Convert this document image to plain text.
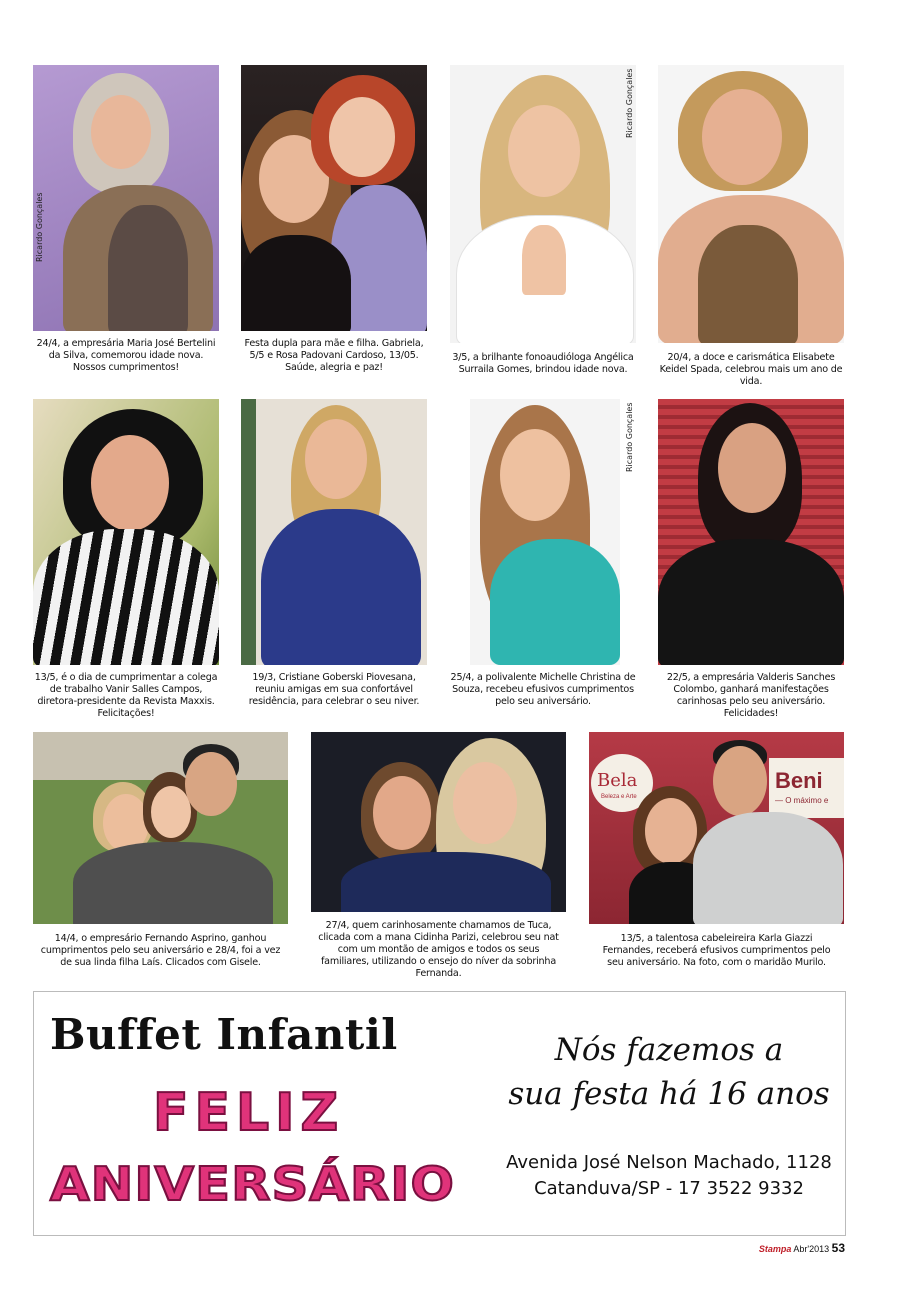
Ricardo Gonçales
24/4, a empresária Maria José Bertelini da Silva, comemorou idade nova. Nossos cumprimentos!
Festa dupla para mãe e filha. Gabriela, 5/5 e Rosa Padovani Cardoso, 13/05. Saúde, alegria e paz!
Ricardo Gonçales
3/5, a brilhante fonoaudióloga Angélica Surraila Gomes, brindou idade nova.
20/4, a doce e carismática Elisabete Keidel Spada, celebrou mais um ano de vida.
13/5, é o dia de cumprimentar a colega de trabalho Vanir Salles Campos, diretora-presidente da Revista Maxxis. Felicitações!
19/3, Cristiane Goberski Piovesana, reuniu amigas em sua confortável residência, para celebrar o seu niver.
Ricardo Gonçales
25/4, a polivalente Michelle Christina de Souza, recebeu efusivos cumprimentos pelo seu aniversário.
22/5, a empresária Valderis Sanches Colombo, ganhará manifestações carinhosas pelo seu aniversário. Felicidades!
14/4, o empresário Fernando Asprino, ganhou cumprimentos pelo seu aniversário e 28/4, foi a vez de sua linda filha Laís. Clicados com Gisele.
27/4, quem carinhosamente chamamos de Tuca, clicada com a mana Cidinha Parizi, celebrou seu nat com um montão de amigos e todos os seus familiares, utilizando o ensejo do níver da sobrinha Fernanda.
Bela
Beleza e Arte
Beni
— O máximo e
13/5, a talentosa cabeleireira Karla Giazzi Fernandes, receberá efusivos cumprimentos pelo seu aniversário. Na foto, com o maridão Murilo.
Buffet Infantil
FELIZ
ANIVERSÁRIO
Nós fazemos a
sua festa há 16 anos
Avenida José Nelson Machado, 1128
Catanduva/SP - 17 3522 9332
Stampa Abr'2013 53
